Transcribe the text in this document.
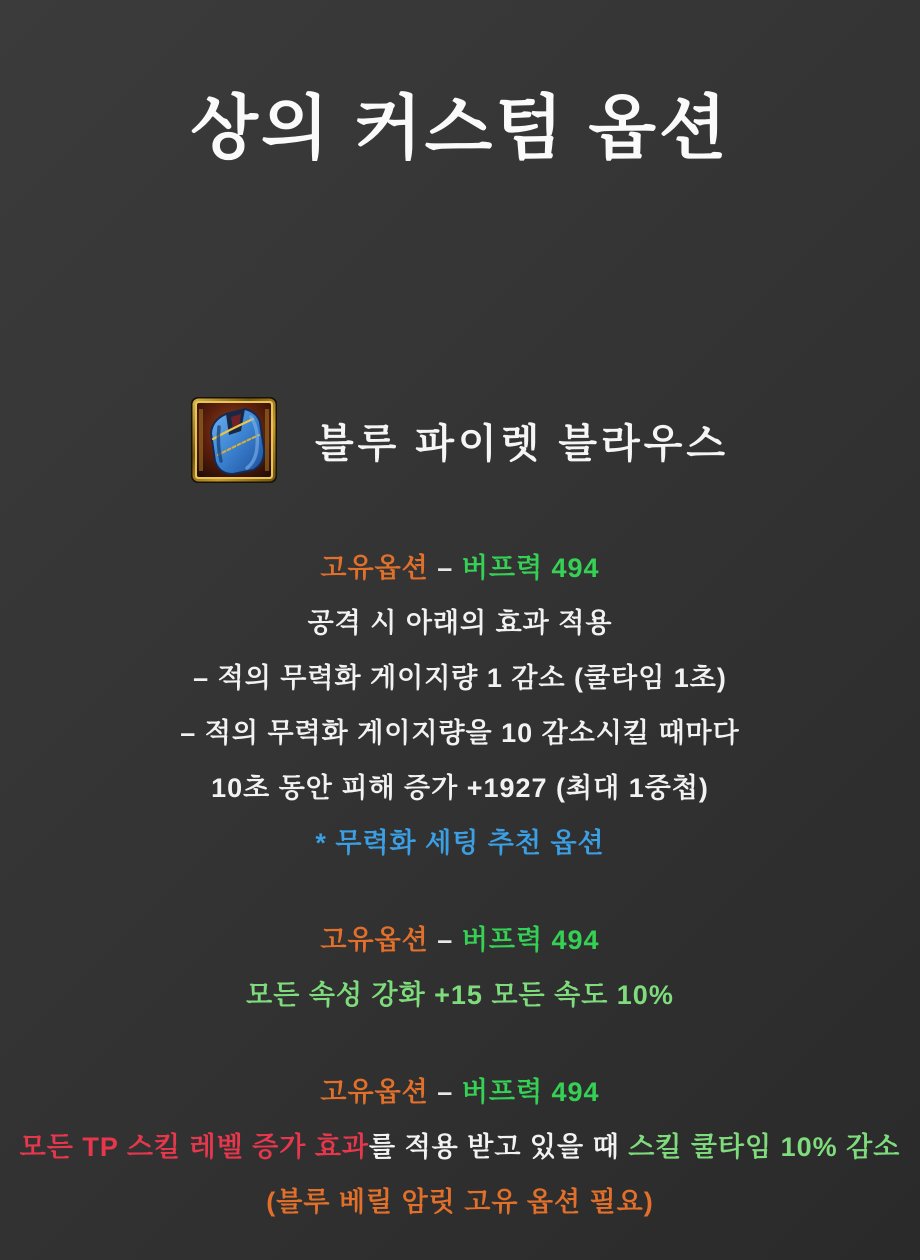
상의 커스텀 옵션
블루 파이렛 블라우스
고유옵션 – 버프력 494
공격 시 아래의 효과 적용
– 적의 무력화 게이지량 1 감소 (쿨타임 1초)
– 적의 무력화 게이지량을 10 감소시킬 때마다
10초 동안 피해 증가 +1927 (최대 1중첩)
* 무력화 세팅 추천 옵션
고유옵션 – 버프력 494
모든 속성 강화 +15 모든 속도 10%
고유옵션 – 버프력 494
모든 TP 스킬 레벨 증가 효과를 적용 받고 있을 때 스킬 쿨타임 10% 감소
(블루 베릴 암릿 고유 옵션 필요)
